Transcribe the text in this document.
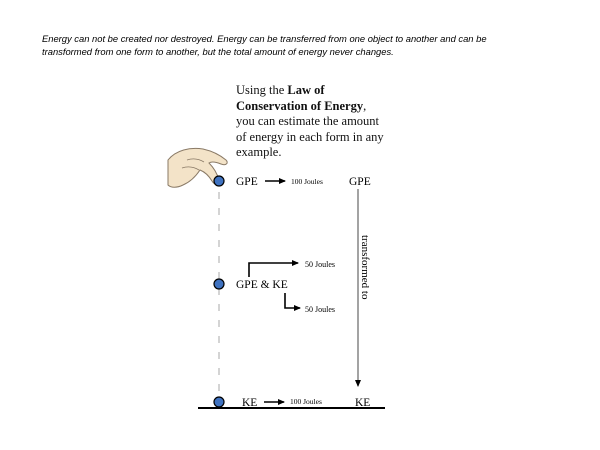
Energy can not be created nor destroyed. Energy can be transferred from one object to another and can be
transformed from one form to another, but the total amount of energy never changes.

Using the Law of Conservation of Energy, you can estimate the amount of energy in each form in any example.

GPE	100 Joules GPE
transformed to
50 Joules
GPE & KE
50 Joules
KE	100 Joules	KE
